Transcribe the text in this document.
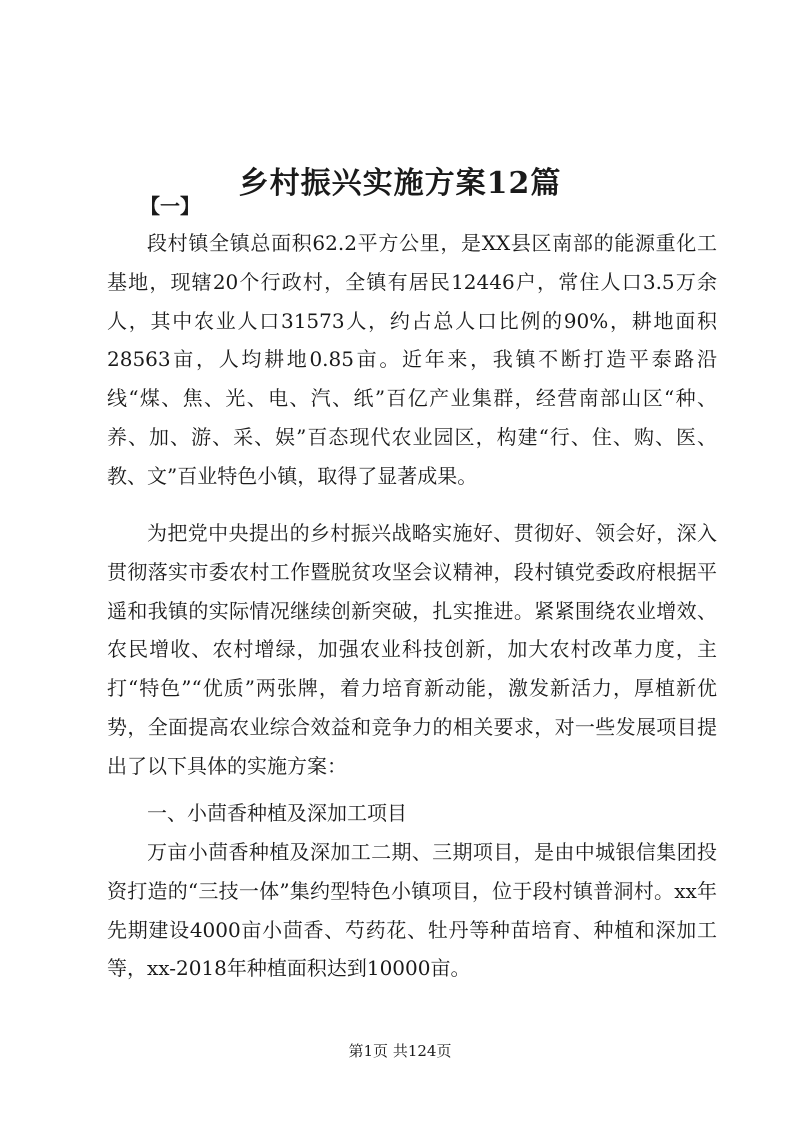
乡村振兴实施方案12篇
【一】

段村镇全镇总面积62.2平方公里，是XX县区南部的能源重化工基地，现辖20个行政村，全镇有居民12446户，常住人口3.5万余人，其中农业人口31573人，约占总人口比例的90%，耕地面积28563亩，人均耕地0.85亩。近年来，我镇不断打造平泰路沿线“煤、焦、光、电、汽、纸”百亿产业集群，经营南部山区“种、养、加、游、采、娱”百态现代农业园区，构建“行、住、购、医、教、文”百业特色小镇，取得了显著成果。

为把党中央提出的乡村振兴战略实施好、贯彻好、领会好，深入贯彻落实市委农村工作暨脱贫攻坚会议精神，段村镇党委政府根据平遥和我镇的实际情况继续创新突破，扎实推进。紧紧围绕农业增效、农民增收、农村增绿，加强农业科技创新，加大农村改革力度，主打“特色”“优质”两张牌，着力培育新动能，激发新活力，厚植新优势，全面提高农业综合效益和竞争力的相关要求，对一些发展项目提出了以下具体的实施方案：

一、小茴香种植及深加工项目

万亩小茴香种植及深加工二期、三期项目，是由中城银信集团投资打造的“三技一体”集约型特色小镇项目，位于段村镇普洞村。xx年先期建设4000亩小茴香、芍药花、牡丹等种苗培育、种植和深加工等，xx-2018年种植面积达到10000亩。

第1页 共124页
